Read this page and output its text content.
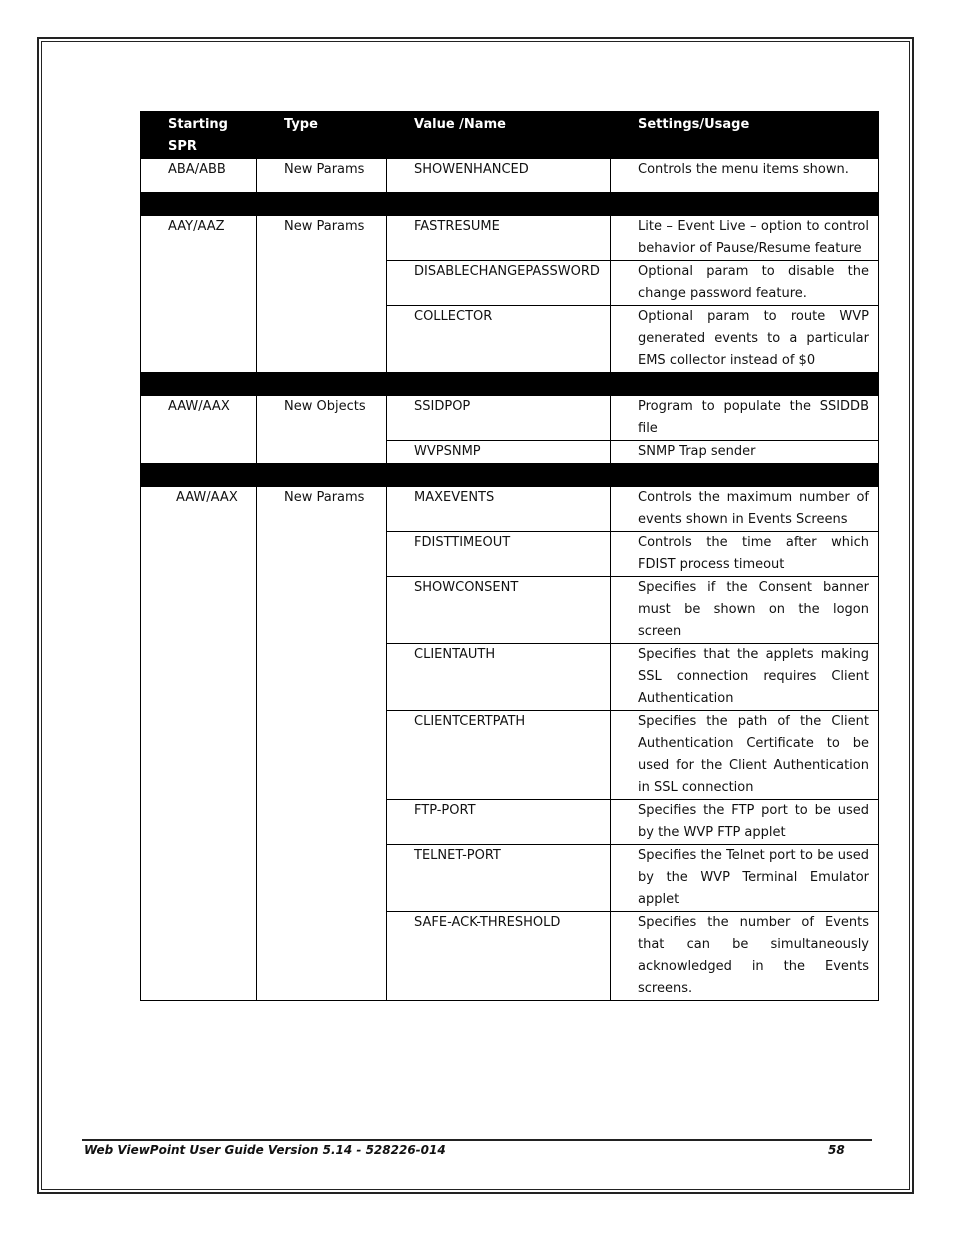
Starting SPR	Type	Value /Name	Settings/Usage

ABA/ABB	New Params	SHOWENHANCED	Controls the menu items shown.

AAY/AAZ	New Params	FASTRESUME	Lite – Event Live – option to control behavior of Pause/Resume feature

		DISABLECHANGEPASSWORD	Optional param to disable the change password feature.

		COLLECTOR	Optional param to route WVP generated events to a particular EMS collector instead of $0

AAW/AAX	New Objects	SSIDPOP	Program to populate the SSIDDB file

		WVPSNMP	SNMP Trap sender

AAW/AAX	New Params	MAXEVENTS	Controls the maximum number of events shown in Events Screens

		FDISTTIMEOUT	Controls the time after which FDIST process timeout

		SHOWCONSENT	Specifies if the Consent banner must be shown on the logon screen

		CLIENTAUTH	Specifies that the applets making SSL connection requires Client Authentication

		CLIENTCERTPATH	Specifies the path of the Client Authentication Certificate to be used for the Client Authentication in SSL connection

		FTP-PORT	Specifies the FTP port to be used by the WVP FTP applet

		TELNET-PORT	Specifies the Telnet port to be used by the WVP Terminal Emulator applet

		SAFE-ACK-THRESHOLD	Specifies the number of Events that can be simultaneously acknowledged in the Events screens.
Web ViewPoint User Guide Version 5.14 - 528226-014	58
